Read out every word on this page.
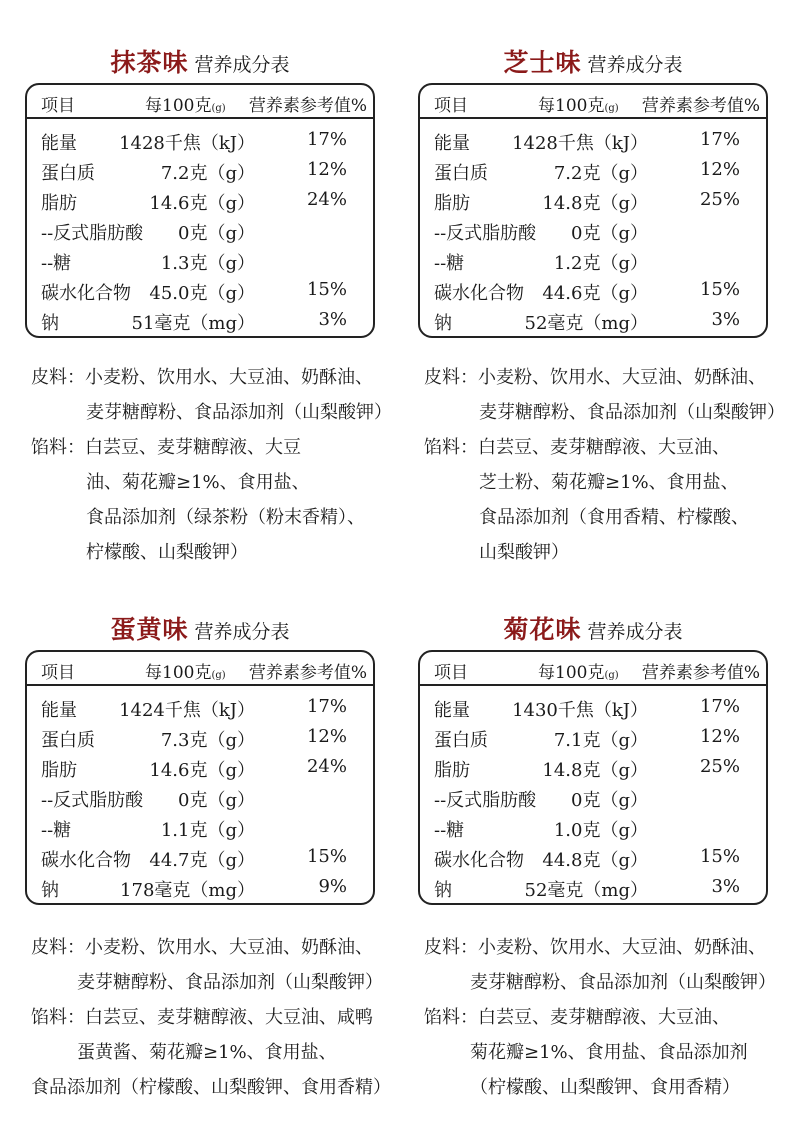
抹茶味 营养成分表
项目	每100克(g) 营养素参考值%
能量 1428千焦（kJ）	17%
蛋白质	7.2克（g）	12%
脂肪	14.6克（g）	24%
--反式脂肪酸 0克（g）
--糖	1.3克（g）
碳水化合物 45.0克（g）	15%
钠	51毫克（mg）	3%
皮料：小麦粉、饮用水、大豆油、奶酥油、
麦芽糖醇粉、食品添加剂（山梨酸钾）
馅料：白芸豆、麦芽糖醇液、大豆
油、菊花瓣≥1%、食用盐、
食品添加剂（绿茶粉（粉末香精）、
柠檬酸、山梨酸钾）
芝士味 营养成分表
项目	每100克(g) 营养素参考值%
能量 1428千焦（kJ）	17%
蛋白质	7.2克（g）	12%
脂肪	14.8克（g）	25%
--反式脂肪酸 0克（g）
--糖	1.2克（g）
碳水化合物 44.6克（g）	15%
钠	52毫克（mg）	3%
皮料：小麦粉、饮用水、大豆油、奶酥油、
麦芽糖醇粉、食品添加剂（山梨酸钾）
馅料：白芸豆、麦芽糖醇液、大豆油、
芝士粉、菊花瓣≥1%、食用盐、
食品添加剂（食用香精、柠檬酸、
山梨酸钾）
蛋黄味 营养成分表
项目	每100克(g) 营养素参考值%
能量 1424千焦（kJ）	17%
蛋白质	7.3克（g）	12%
脂肪	14.6克（g）	24%
--反式脂肪酸 0克（g）
--糖	1.1克（g）
碳水化合物 44.7克（g）	15%
钠	178毫克（mg）	9%
皮料：小麦粉、饮用水、大豆油、奶酥油、
麦芽糖醇粉、食品添加剂（山梨酸钾）
馅料：白芸豆、麦芽糖醇液、大豆油、咸鸭
蛋黄酱、菊花瓣≥1%、食用盐、
食品添加剂（柠檬酸、山梨酸钾、食用香精）
菊花味 营养成分表
项目	每100克(g) 营养素参考值%
能量 1430千焦（kJ）	17%
蛋白质	7.1克（g）	12%
脂肪	14.8克（g）	25%
--反式脂肪酸 0克（g）
--糖	1.0克（g）
碳水化合物 44.8克（g）	15%
钠	52毫克（mg）	3%
皮料：小麦粉、饮用水、大豆油、奶酥油、
麦芽糖醇粉、食品添加剂（山梨酸钾）
馅料：白芸豆、麦芽糖醇液、大豆油、
菊花瓣≥1%、食用盐、食品添加剂
（柠檬酸、山梨酸钾、食用香精）
